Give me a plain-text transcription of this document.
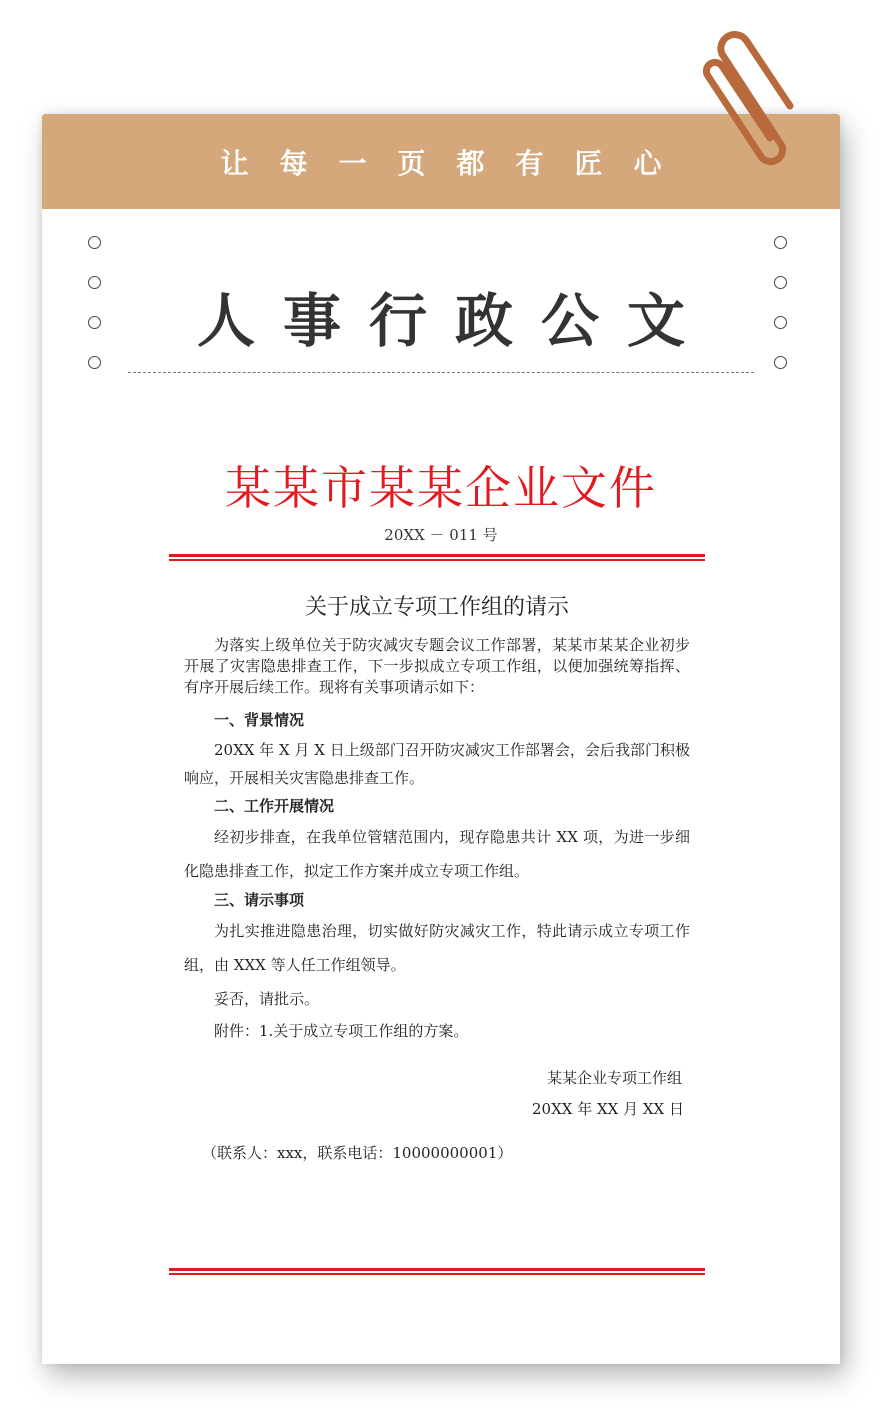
让每一页都有匠心
人事行政公文
某某市某某企业文件
20XX － 011 号

关于成立专项工作组的请示

为落实上级单位关于防灾减灾专题会议工作部署，某某市某某企业初步开展了灾害隐患排查工作，下一步拟成立专项工作组，以便加强统筹指挥、有序开展后续工作。现将有关事项请示如下：

一、背景情况

20XX 年 X 月 X 日上级部门召开防灾减灾工作部署会，会后我部门积极响应，开展相关灾害隐患排查工作。

二、工作开展情况

经初步排查，在我单位管辖范围内，现存隐患共计 XX 项，为进一步细化隐患排查工作，拟定工作方案并成立专项工作组。

三、请示事项

为扎实推进隐患治理，切实做好防灾减灾工作，特此请示成立专项工作组，由 XXX 等人任工作组领导。

妥否，请批示。

附件：1.关于成立专项工作组的方案。

某某企业专项工作组

20XX 年 XX 月 XX 日

（联系人：xxx，联系电话：10000000001）
